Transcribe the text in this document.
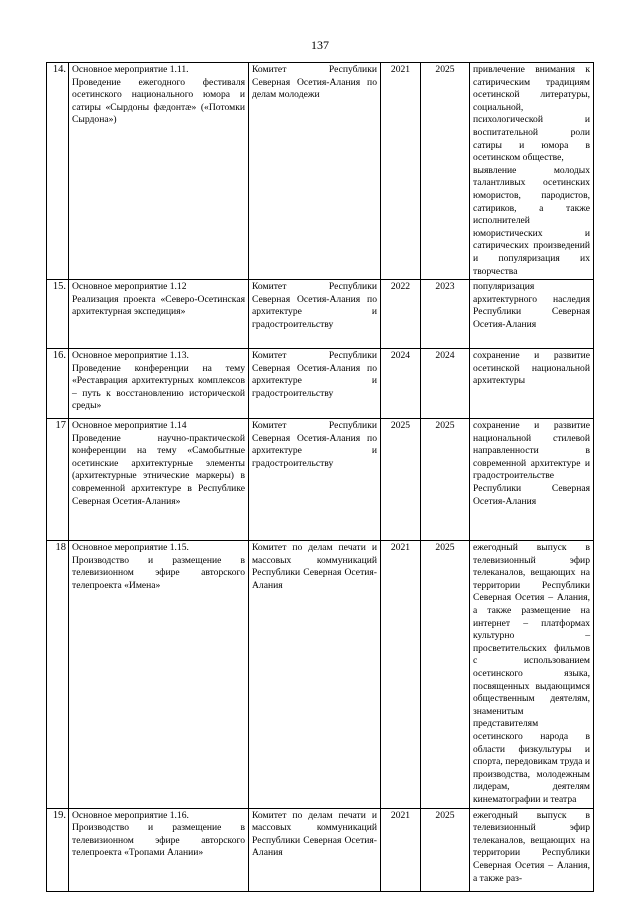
137
14.	Основное мероприятие 1.11.
Проведение ежегодного фестиваля осетинского национального юмора и сатиры «Сырдоны фæдонтæ» («Потомки Сырдона»)	Комитет Республики Северная Осетия-Алания по делам молодежи	2021	2025	привлечение внимания к сатирическим традициям осетинской литературы, социальной, психологической и воспитательной роли сатиры и юмора в осетинском обществе,
выявление молодых талантливых осетинских юмористов, пародистов, сатириков, а также исполнителей юмористических и сатирических произведений и популяризация их творчества
15.	Основное мероприятие 1.12
Реализация проекта «Северо-Осетинская архитектурная экспедиция»	Комитет Республики Северная Осетия-Алания по архитектуре и градостроительству	2022	2023	популяризация архитектурного наследия Республики Северная Осетия-Алания
16.	Основное мероприятие 1.13.
Проведение конференции на тему «Реставрация архитектурных комплексов – путь к восстановлению исторической среды»	Комитет Республики Северная Осетия-Алания по архитектуре и градостроительству	2024	2024	сохранение и развитие осетинской национальной архитектуры
17	Основное мероприятие 1.14
Проведение научно-практической конференции на тему «Самобытные осетинские архитектурные элементы (архитектурные этнические маркеры) в современной архитектуре в Республике Северная Осетия-Алания»	Комитет Республики Северная Осетия-Алания по архитектуре и градостроительству	2025	2025	сохранение и развитие национальной стилевой направленности в современной архитектуре и градостроительстве Республики Северная Осетия-Алания
18	Основное мероприятие 1.15.
Производство и размещение в телевизионном эфире авторского телепроекта «Имена»	Комитет по делам печати и массовых коммуникаций Республики Северная Осетия-Алания	2021	2025	ежегодный выпуск в телевизионный эфир телеканалов, вещающих на территории Республики Северная Осетия – Алания, а также размещение на интернет – платформах культурно – просветительских фильмов с использованием осетинского языка, посвященных выдающимся общественным деятелям, знаменитым представителям осетинского народа в области физкультуры и спорта, передовикам труда и производства, молодежным лидерам, деятелям кинематографии и театра
19.	Основное мероприятие 1.16.
Производство и размещение в телевизионном эфире авторского телепроекта «Тропами Алании»	Комитет по делам печати и массовых коммуникаций Республики Северная Осетия-Алания	2021	2025	ежегодный выпуск в телевизионный эфир телеканалов, вещающих на территории Республики Северная Осетия – Алания, а также раз-
